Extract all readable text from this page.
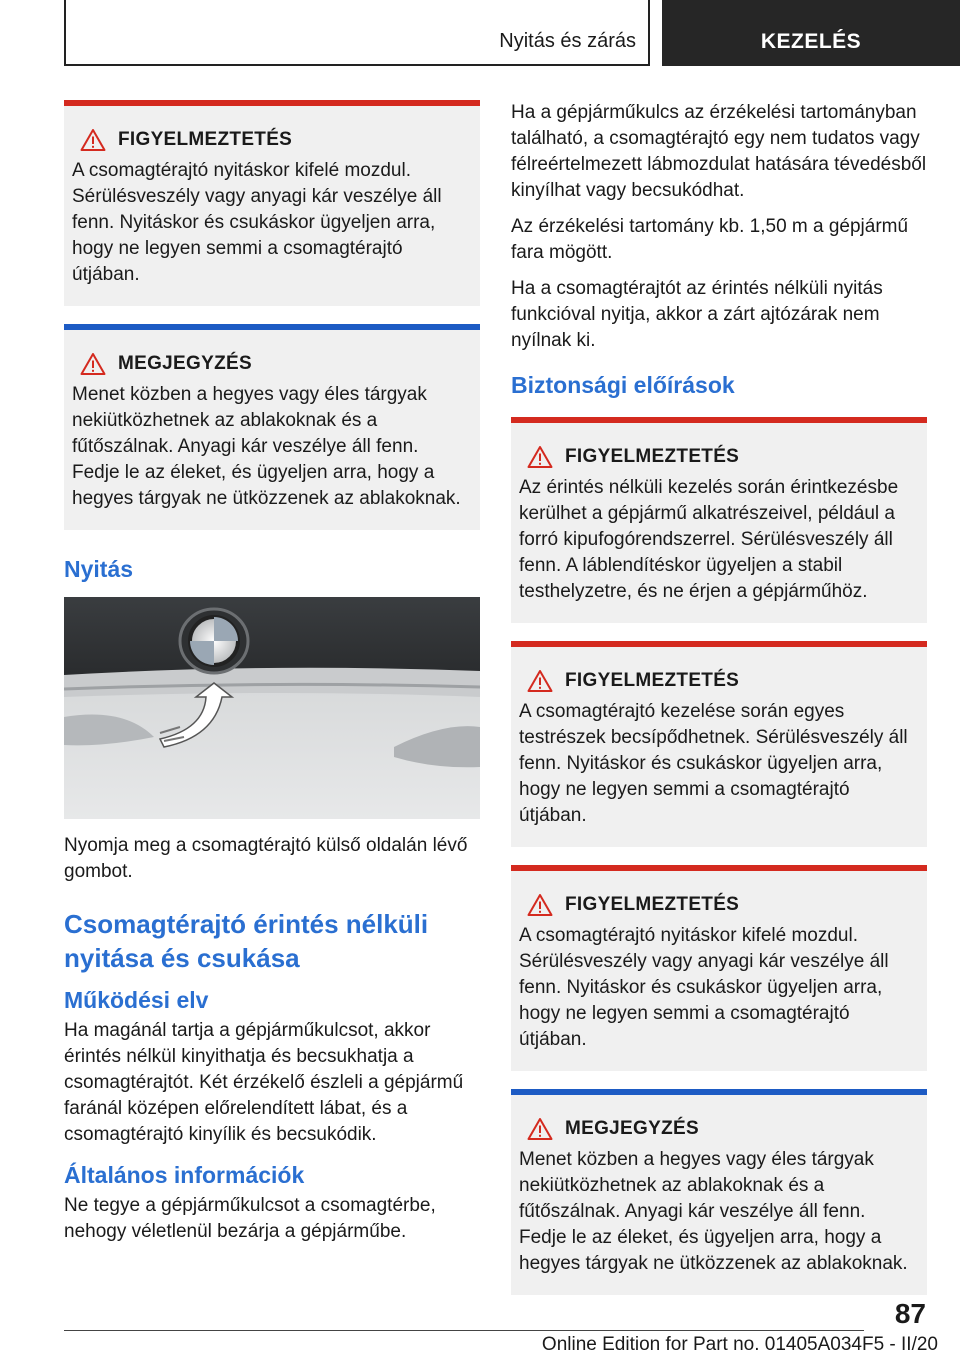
Nyitás és zárás	KEZELÉS
FIGYELMEZTETÉS
A csomagtérajtó nyitáskor kifelé mozdul. Sérülésveszély vagy anyagi kár veszélye áll fenn. Nyitáskor és csukáskor ügyeljen arra, hogy ne legyen semmi a csomagtérajtó útjában.
MEGJEGYZÉS
Menet közben a hegyes vagy éles tárgyak nekiütközhetnek az ablakoknak és a fűtőszálnak. Anyagi kár veszélye áll fenn. Fedje le az éleket, és ügyeljen arra, hogy a hegyes tárgyak ne ütközzenek az ablakoknak.
Nyitás
Nyomja meg a csomagtérajtó külső oldalán lévő gombot.
Csomagtérajtó érintés nélküli nyitása és csukása
Működési elv
Ha magánál tartja a gépjárműkulcsot, akkor érintés nélkül kinyithatja és becsukhatja a csomagtérajtót. Két érzékelő észleli a gépjármű faránál középen előrelendített lábat, és a csomagtérajtó kinyílik és becsukódik.
Általános információk
Ne tegye a gépjárműkulcsot a csomagtérbe, nehogy véletlenül bezárja a gépjárműbe.
Ha a gépjárműkulcs az érzékelési tartományban található, a csomagtérajtó egy nem tudatos vagy félreértelmezett lábmozdulat hatására tévedésből kinyílhat vagy becsukódhat.
Az érzékelési tartomány kb. 1,50 m a gépjármű fara mögött.
Ha a csomagtérajtót az érintés nélküli nyitás funkcióval nyitja, akkor a zárt ajtózárak nem nyílnak ki.
Biztonsági előírások
FIGYELMEZTETÉS
Az érintés nélküli kezelés során érintkezésbe kerülhet a gépjármű alkatrészeivel, például a forró kipufogórendszerrel. Sérülésveszély áll fenn. A láblendítéskor ügyeljen a stabil testhelyzetre, és ne érjen a gépjárműhöz.
FIGYELMEZTETÉS
A csomagtérajtó kezelése során egyes testrészek becsípődhetnek. Sérülésveszély áll fenn. Nyitáskor és csukáskor ügyeljen arra, hogy ne legyen semmi a csomagtérajtó útjában.
FIGYELMEZTETÉS
A csomagtérajtó nyitáskor kifelé mozdul. Sérülésveszély vagy anyagi kár veszélye áll fenn. Nyitáskor és csukáskor ügyeljen arra, hogy ne legyen semmi a csomagtérajtó útjában.
MEGJEGYZÉS
Menet közben a hegyes vagy éles tárgyak nekiütközhetnek az ablakoknak és a fűtőszálnak. Anyagi kár veszélye áll fenn. Fedje le az éleket, és ügyeljen arra, hogy a hegyes tárgyak ne ütközzenek az ablakoknak.
87
Online Edition for Part no. 01405A034F5 - II/20
